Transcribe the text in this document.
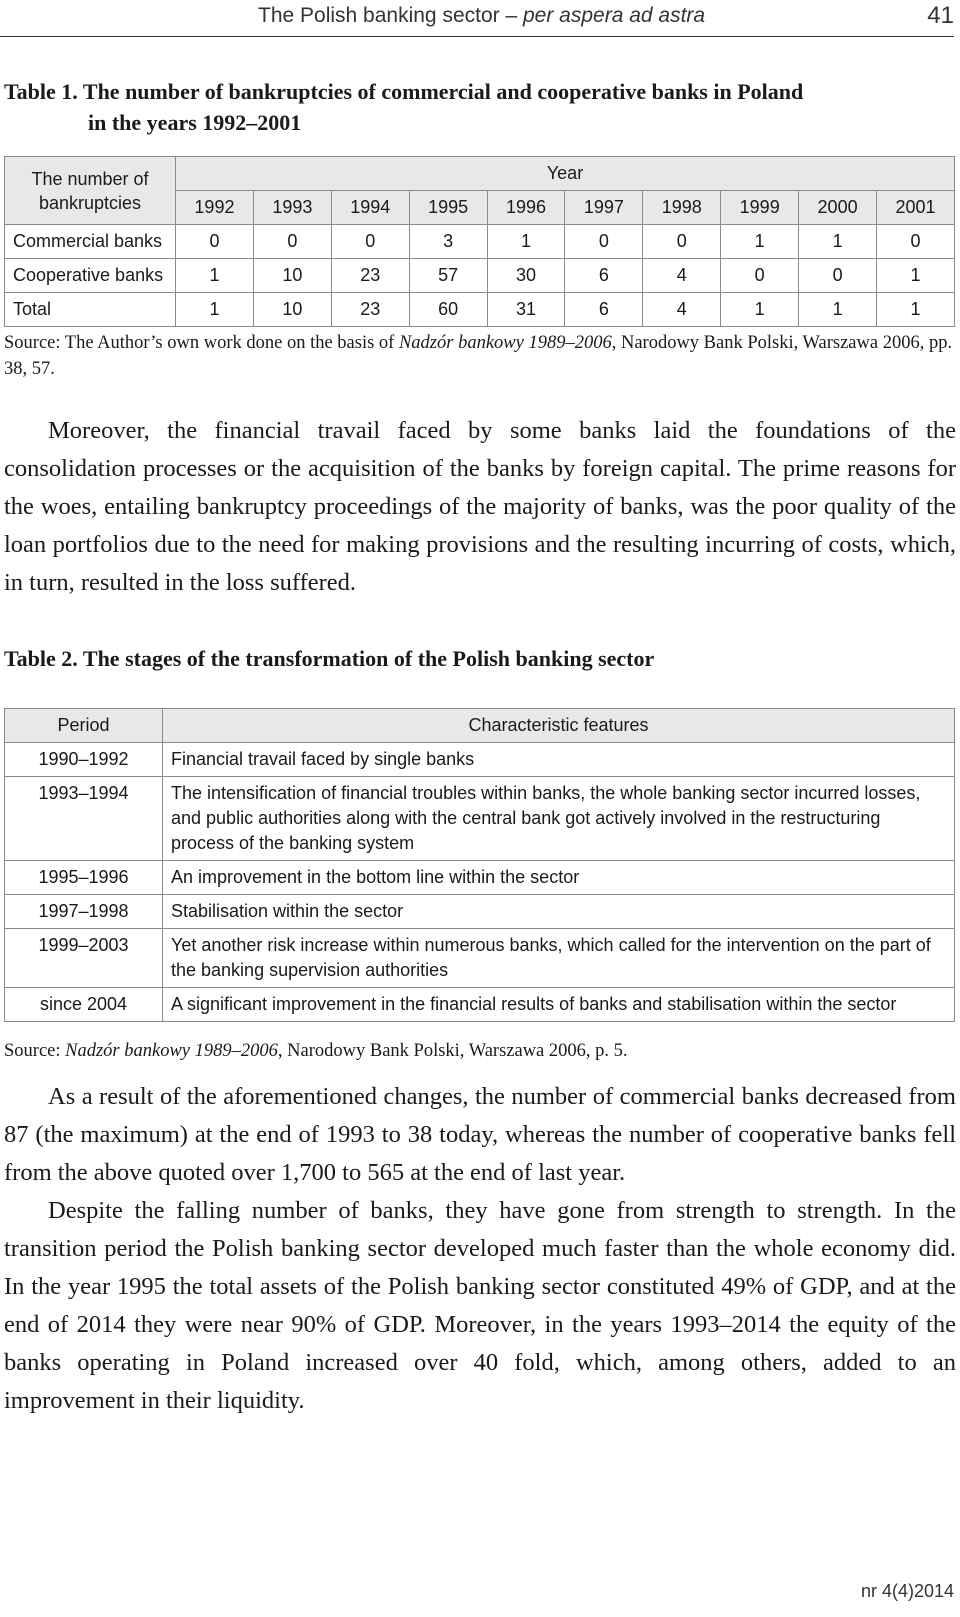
The Polish banking sector – per aspera ad astra	41
Table 1. The number of bankruptcies of commercial and cooperative banks in Poland
in the years 1992–2001
The number of bankruptcies	Year									
	1992	1993	1994	1995	1996	1997	1998	1999	2000	2001
Commercial banks	0	0	0	3	1	0	0	1	1	0
Cooperative banks	1	10	23	57	30	6	4	0	0	1
Total	1	10	23	60	31	6	4	1	1	1
Source: The Author’s own work done on the basis of Nadzór bankowy 1989–2006, Narodowy Bank Polski, Warszawa 2006, pp. 38, 57.
Moreover, the financial travail faced by some banks laid the foundations of the consolidation processes or the acquisition of the banks by foreign capital. The prime reasons for the woes, entailing bankruptcy proceedings of the majority of banks, was the poor quality of the loan portfolios due to the need for making provisions and the resulting incurring of costs, which, in turn, resulted in the loss suffered.
Table 2. The stages of the transformation of the Polish banking sector
Period	Characteristic features
1990–1992	Financial travail faced by single banks
1993–1994	The intensification of financial troubles within banks, the whole banking sector incurred losses, and public authorities along with the central bank got actively involved in the restructuring process of the banking system
1995–1996	An improvement in the bottom line within the sector
1997–1998	Stabilisation within the sector
1999–2003	Yet another risk increase within numerous banks, which called for the intervention on the part of the banking supervision authorities
since 2004	A significant improvement in the financial results of banks and stabilisation within the sector
Source: Nadzór bankowy 1989–2006, Narodowy Bank Polski, Warszawa 2006, p. 5.
As a result of the aforementioned changes, the number of commercial banks decreased from 87 (the maximum) at the end of 1993 to 38 today, whereas the number of cooperative banks fell from the above quoted over 1,700 to 565 at the end of last year.
Despite the falling number of banks, they have gone from strength to strength. In the transition period the Polish banking sector developed much faster than the whole economy did. In the year 1995 the total assets of the Polish banking sector constituted 49% of GDP, and at the end of 2014 they were near 90% of GDP. Moreover, in the years 1993–2014 the equity of the banks operating in Poland increased over 40 fold, which, among others, added to an improvement in their liquidity.
nr 4(4)2014
